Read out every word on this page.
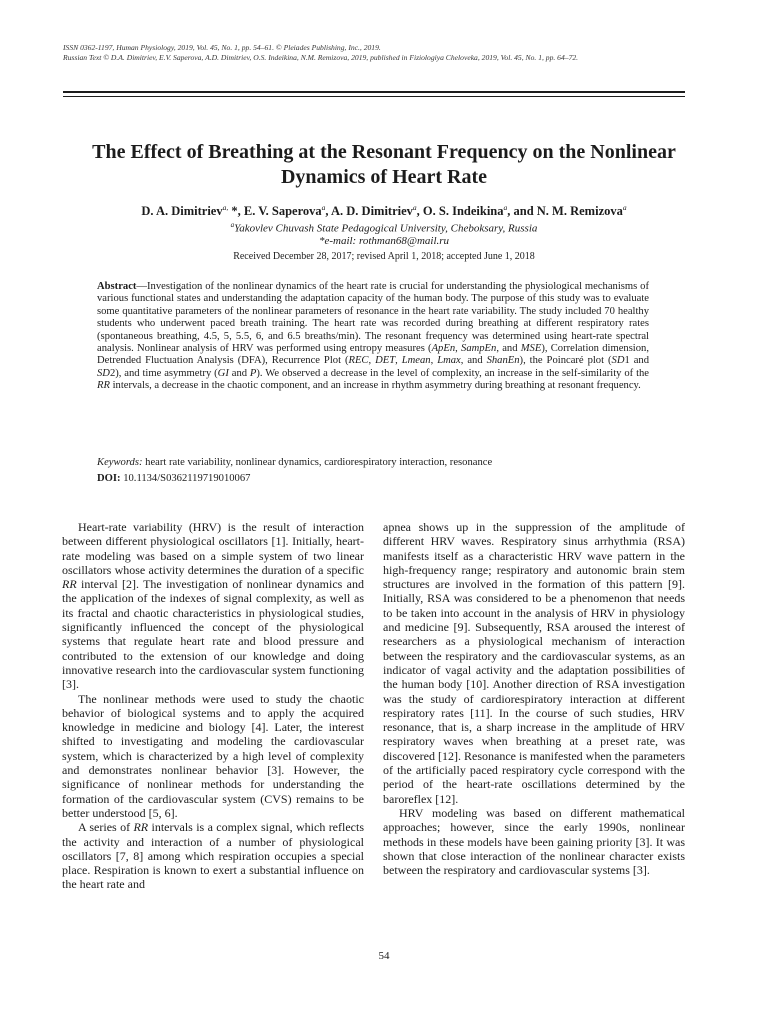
ISSN 0362-1197, Human Physiology, 2019, Vol. 45, No. 1, pp. 54–61. © Pleiades Publishing, Inc., 2019.
Russian Text © D.A. Dimitriev, E.V. Saperova, A.D. Dimitriev, O.S. Indeikina, N.M. Remizova, 2019, published in Fiziologiya Cheloveka, 2019, Vol. 45, No. 1, pp. 64–72.
The Effect of Breathing at the Resonant Frequency on the Nonlinear
Dynamics of Heart Rate
D. A. Dimitriev$^{a,}$ *, E. V. Saperova$^a$, A. D. Dimitriev$^a$, O. S. Indeikina$^a$, and N. M. Remizova$^a$
$^a$Yakovlev Chuvash State Pedagogical University, Cheboksary, Russia
*e-mail: rothman68@mail.ru
Received December 28, 2017; revised April 1, 2018; accepted June 1, 2018
Abstract—Investigation of the nonlinear dynamics of the heart rate is crucial for understanding the physiological mechanisms of various functional states and understanding the adaptation capacity of the human body. The purpose of this study was to evaluate some quantitative parameters of the nonlinear parameters of resonance in the heart rate variability. The study included 70 healthy students who underwent paced breath training. The heart rate was recorded during breathing at different respiratory rates (spontaneous breathing, 4.5, 5, 5.5, 6, and 6.5 breaths/min). The resonant frequency was determined using heart-rate spectral analysis. Nonlinear analysis of HRV was performed using entropy measures (ApEn, SampEn, and MSE), Correlation dimension, Detrended Fluctuation Analysis (DFA), Recurrence Plot (REC, DET, Lmean, Lmax, and ShanEn), the Poincaré plot (SD1 and SD2), and time asymmetry (GI and P). We observed a decrease in the level of complexity, an increase in the self-similarity of the RR intervals, a decrease in the chaotic component, and an increase in rhythm asymmetry during breathing at resonant frequency.
Keywords: heart rate variability, nonlinear dynamics, cardiorespiratory interaction, resonance
DOI: 10.1134/S0362119719010067

Heart-rate variability (HRV) is the result of interaction between different physiological oscillators [1]. Initially, heart-rate modeling was based on a simple system of two linear oscillators whose activity determines the duration of a specific RR interval [2]. The investigation of nonlinear dynamics and the application of the indexes of signal complexity, as well as its fractal and chaotic characteristics in physiological studies, significantly influenced the concept of the physiological systems that regulate heart rate and blood pressure and contributed to the extension of our knowledge and doing innovative research into the cardiovascular system functioning [3].

The nonlinear methods were used to study the chaotic behavior of biological systems and to apply the acquired knowledge in medicine and biology [4]. Later, the interest shifted to investigating and modeling the cardiovascular system, which is characterized by a high level of complexity and demonstrates nonlinear behavior [3]. However, the significance of nonlinear methods for understanding the formation of the cardiovascular system (CVS) remains to be better understood [5, 6].

A series of RR intervals is a complex signal, which reflects the activity and interaction of a number of physiological oscillators [7, 8] among which respiration occupies a special place. Respiration is known to exert a substantial influence on the heart rate and

apnea shows up in the suppression of the amplitude of different HRV waves. Respiratory sinus arrhythmia (RSA) manifests itself as a characteristic HRV wave pattern in the high-frequency range; respiratory and autonomic brain stem structures are involved in the formation of this pattern [9]. Initially, RSA was considered to be a phenomenon that needs to be taken into account in the analysis of HRV in physiology and medicine [9]. Subsequently, RSA aroused the interest of researchers as a physiological mechanism of interaction between the respiratory and the cardiovascular systems, as an indicator of vagal activity and the adaptation possibilities of the human body [10]. Another direction of RSA investigation was the study of cardiorespiratory interaction at different respiratory rates [11]. In the course of such studies, HRV resonance, that is, a sharp increase in the amplitude of HRV respiratory waves when breathing at a preset rate, was discovered [12]. Resonance is manifested when the parameters of the artificially paced respiratory cycle correspond with the period of the heart-rate oscillations determined by the baroreflex [12].

HRV modeling was based on different mathematical approaches; however, since the early 1990s, nonlinear methods in these models have been gaining priority [3]. It was shown that close interaction of the nonlinear character exists between the respiratory and cardiovascular systems [3].

54
